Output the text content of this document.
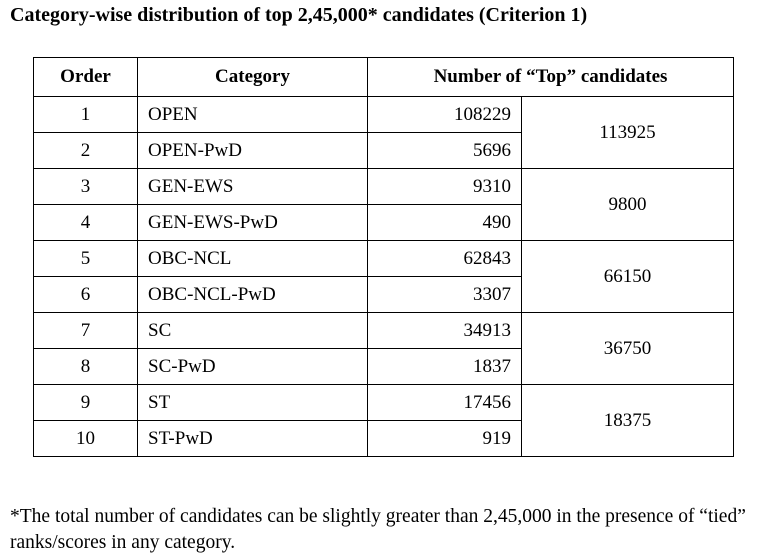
Category-wise distribution of top 2,45,000* candidates (Criterion 1)
Order	Category	Number of “Top” candidates	
1	OPEN	108229	113925
2	OPEN-PwD	5696	
3	GEN-EWS	9310	9800
4	GEN-EWS-PwD	490	
5	OBC-NCL	62843	66150
6	OBC-NCL-PwD	3307	
7	SC	34913	36750
8	SC-PwD	1837	
9	ST	17456	18375
10	ST-PwD	919	
*The total number of candidates can be slightly greater than 2,45,000 in the presence of “tied” ranks/scores in any category.
